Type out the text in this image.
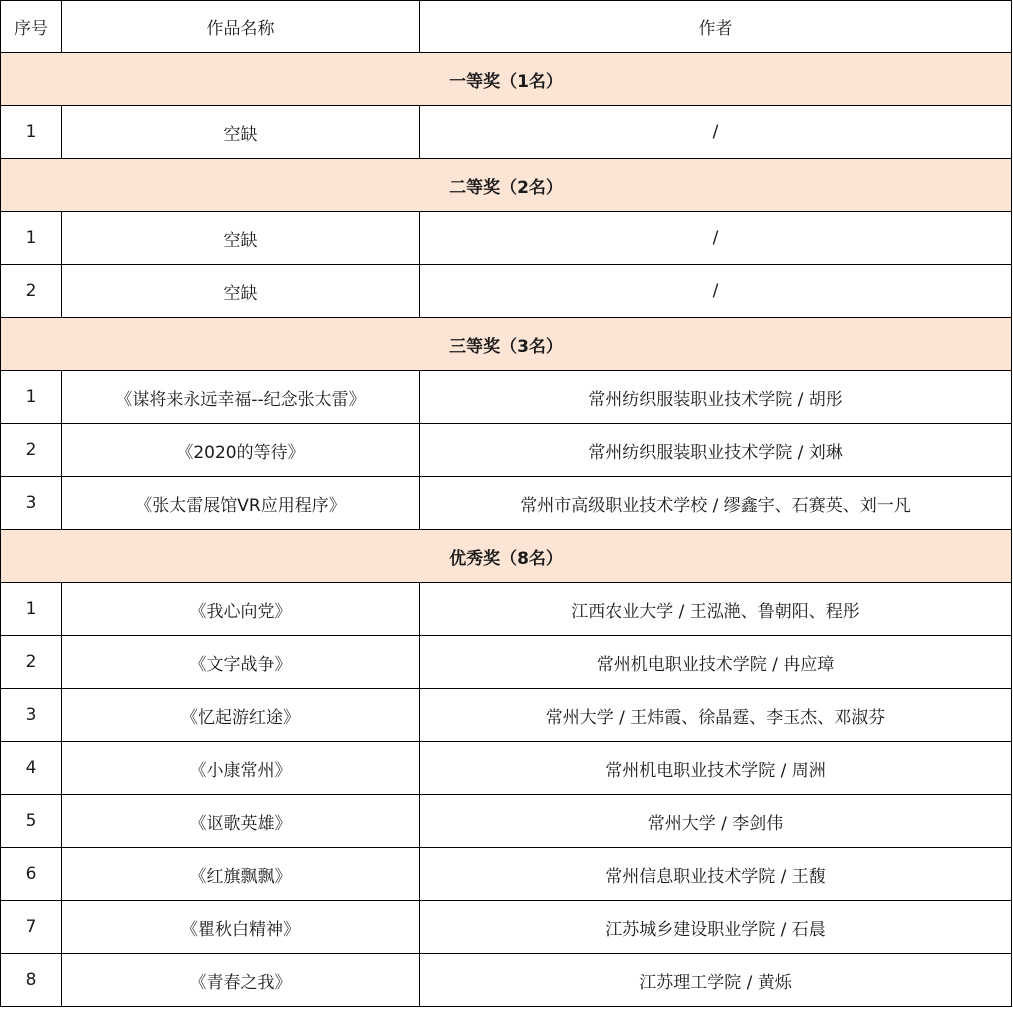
序号	作品名称	作者
一等奖（1名）		
1	空缺	/
二等奖（2名）		
1	空缺	/
2	空缺	/
三等奖（3名）		
1	《谋将来永远幸福--纪念张太雷》	常州纺织服装职业技术学院 / 胡彤
2	《2020的等待》	常州纺织服装职业技术学院 / 刘琳
3	《张太雷展馆VR应用程序》	常州市高级职业技术学校 / 缪鑫宇、石赛英、刘一凡
优秀奖（8名）		
1	《我心向党》	江西农业大学 / 王泓滟、鲁朝阳、程彤
2	《文字战争》	常州机电职业技术学院 / 冉应璋
3	《忆起游红途》	常州大学 / 王炜霞、徐晶霆、李玉杰、邓淑芬
4	《小康常州》	常州机电职业技术学院 / 周洲
5	《讴歌英雄》	常州大学 / 李剑伟
6	《红旗飘飘》	常州信息职业技术学院 / 王馥
7	《瞿秋白精神》	江苏城乡建设职业学院 / 石晨
8	《青春之我》	江苏理工学院 / 黄烁
